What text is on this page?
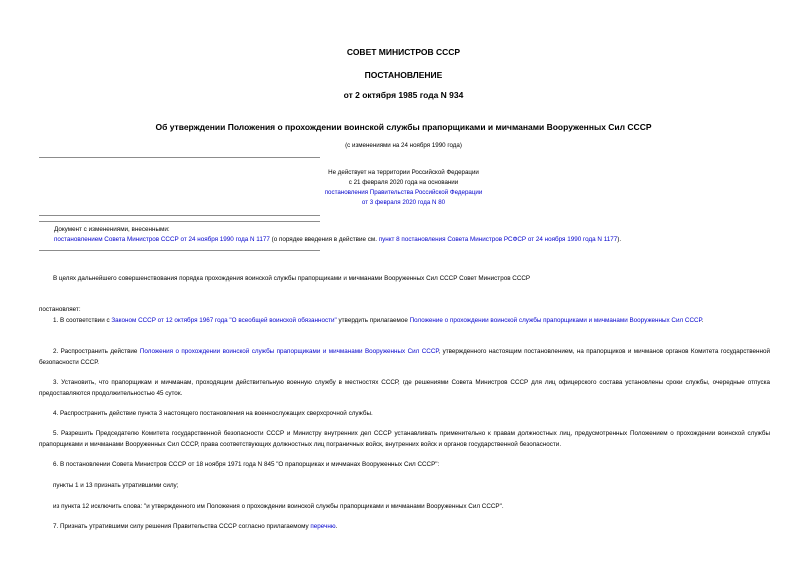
СОВЕТ МИНИСТРОВ СССР
ПОСТАНОВЛЕНИЕ
от 2 октября 1985 года N 934
Об утверждении Положения о прохождении воинской службы прапорщиками и мичманами Вооруженных Сил СССР
(с изменениями на 24 ноября 1990 года)
Не действует на территории Российской Федерации
с 21 февраля 2020 года на основании
постановления Правительства Российской Федерации
от 3 февраля 2020 года N 80
Документ с изменениями, внесенными:
постановлением Совета Министров СССР от 24 ноября 1990 года N 1177 (о порядке введения в действие см. пункт 8 постановления Совета Министров РСФСР от 24 ноября 1990 года N 1177).
В целях дальнейшего совершенствования порядка прохождения воинской службы прапорщиками и мичманами Вооруженных Сил СССР Совет Министров СССР
постановляет:
1. В соответствии с Законом СССР от 12 октября 1967 года "О всеобщей воинской обязанности" утвердить прилагаемое Положение о прохождении воинской службы прапорщиками и мичманами Вооруженных Сил СССР.
2. Распространить действие Положения о прохождении воинской службы прапорщиками и мичманами Вооруженных Сил СССР, утвержденного настоящим постановлением, на прапорщиков и мичманов органов Комитета государственной безопасности СССР.
3. Установить, что прапорщикам и мичманам, проходящим действительную военную службу в местностях СССР, где решениями Совета Министров СССР для лиц офицерского состава установлены сроки службы, очередные отпуска предоставляются продолжительностью 45 суток.
4. Распространить действие пункта 3 настоящего постановления на военнослужащих сверхсрочной службы.
5. Разрешить Председателю Комитета государственной безопасности СССР и Министру внутренних дел СССР устанавливать применительно к правам должностных лиц, предусмотренных Положением о прохождении воинской службы прапорщиками и мичманами Вооруженных Сил СССР, права соответствующих должностных лиц пограничных войск, внутренних войск и органов государственной безопасности.
6. В постановлении Совета Министров СССР от 18 ноября 1971 года N 845 "О прапорщиках и мичманах Вооруженных Сил СССР":
пункты 1 и 13 признать утратившими силу;
из пункта 12 исключить слова: "и утвержденного им Положения о прохождении воинской службы прапорщиками и мичманами Вооруженных Сил СССР".
7. Признать утратившими силу решения Правительства СССР согласно прилагаемому перечню.
